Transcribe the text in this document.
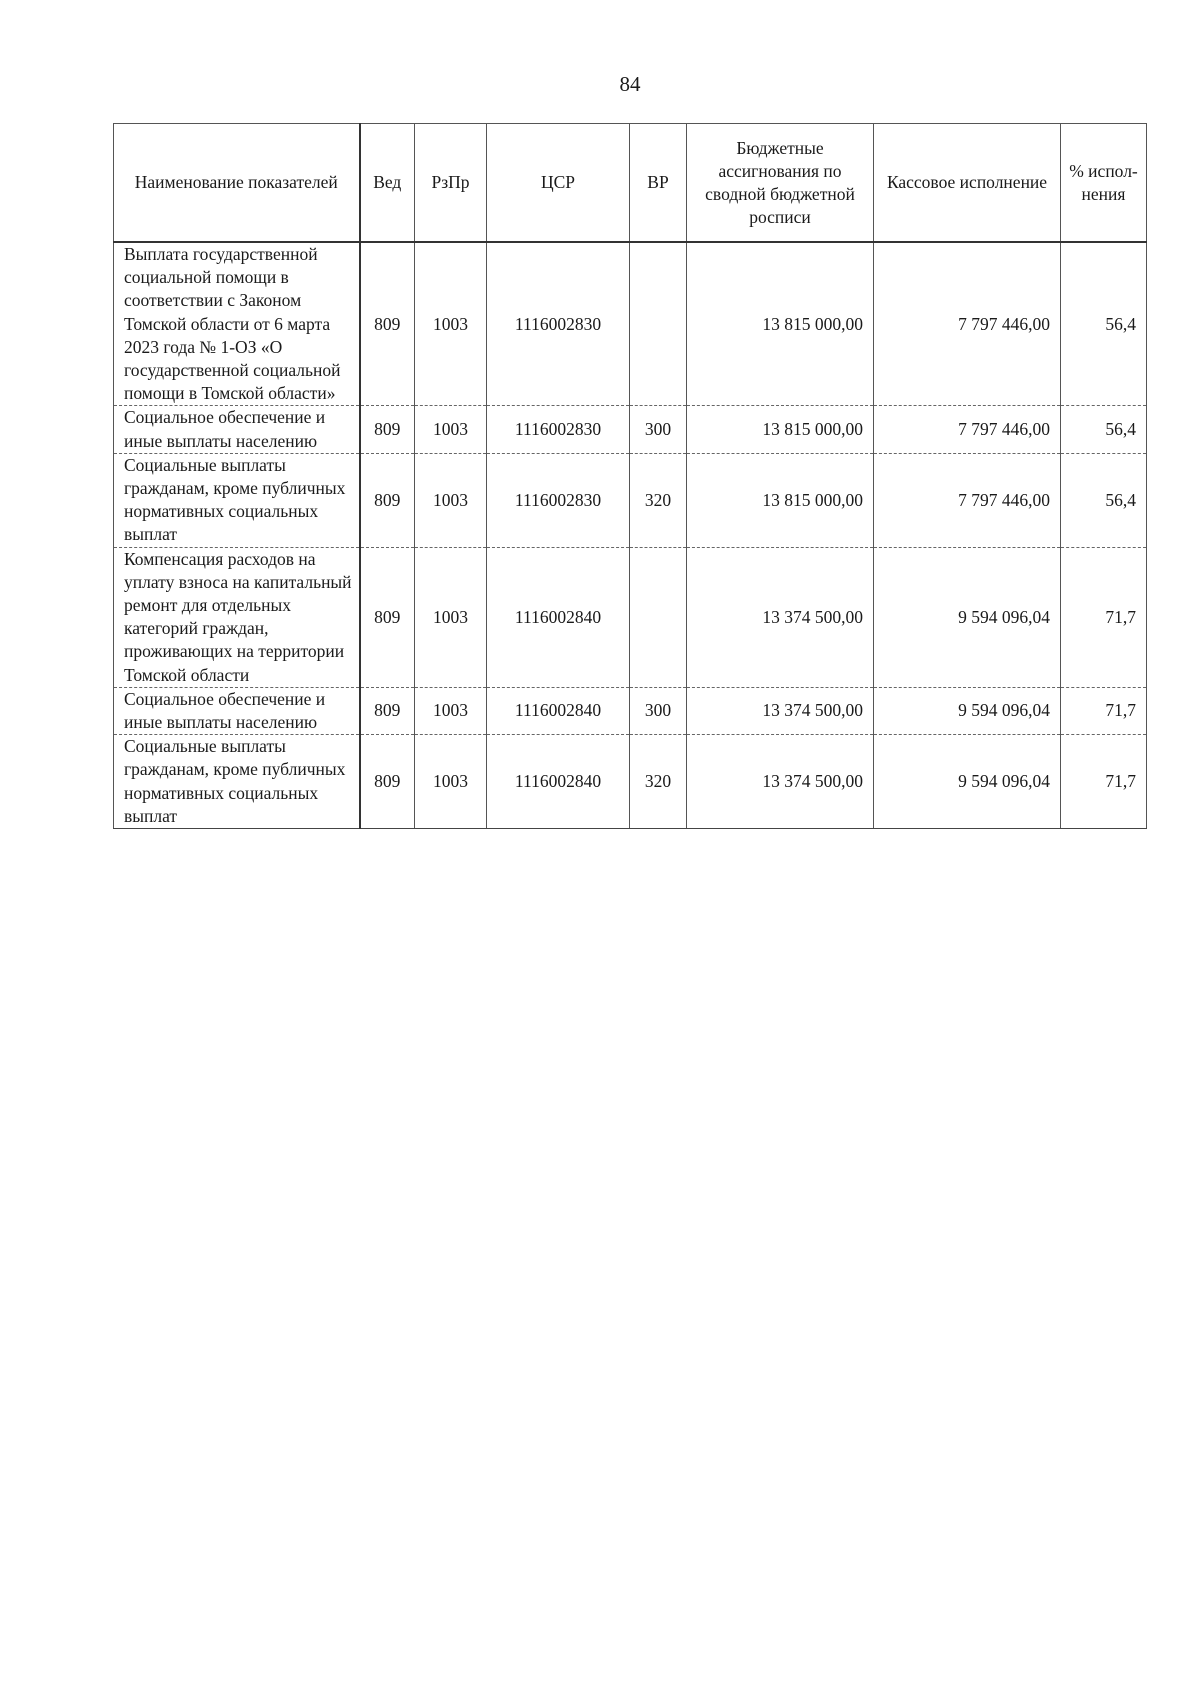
84
Наименование показателей	Вед	РзПр	ЦСР	ВР	Бюджетные ассигнования по сводной бюджетной росписи	Кассовое исполнение	% испол-нения
Выплата государственной социальной помощи в соответствии с Законом Томской области от 6 марта 2023 года № 1-ОЗ «О государственной социальной помощи в Томской области»	809	1003	1116002830		13 815 000,00	7 797 446,00	56,4
Социальное обеспечение и иные выплаты населению	809	1003	1116002830	300	13 815 000,00	7 797 446,00	56,4
Социальные выплаты гражданам, кроме публичных нормативных социальных выплат	809	1003	1116002830	320	13 815 000,00	7 797 446,00	56,4
Компенсация расходов на уплату взноса на капитальный ремонт для отдельных категорий граждан, проживающих на территории Томской области	809	1003	1116002840		13 374 500,00	9 594 096,04	71,7
Социальное обеспечение и иные выплаты населению	809	1003	1116002840	300	13 374 500,00	9 594 096,04	71,7
Социальные выплаты гражданам, кроме публичных нормативных социальных выплат	809	1003	1116002840	320	13 374 500,00	9 594 096,04	71,7
